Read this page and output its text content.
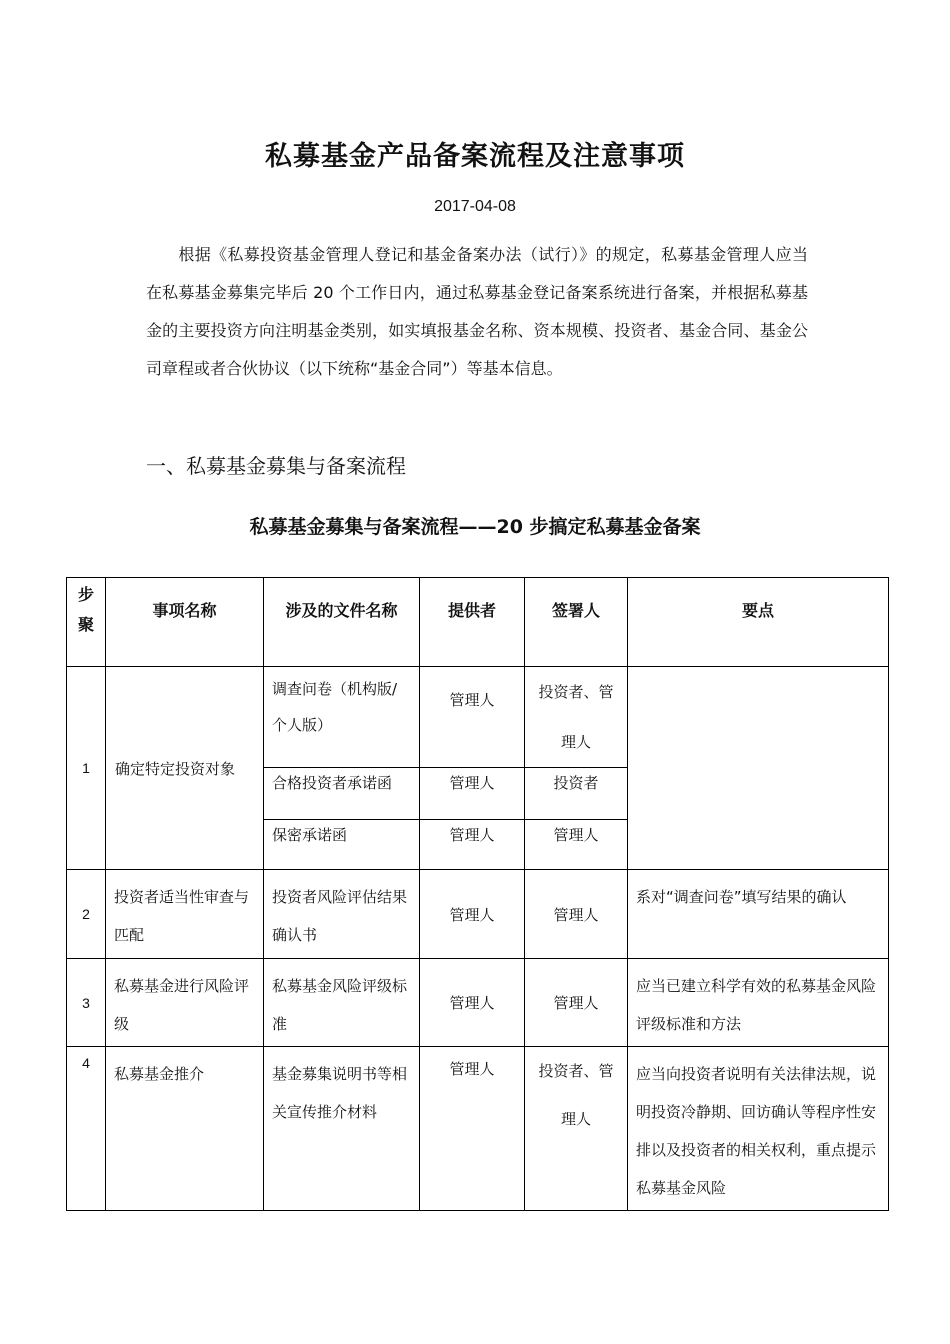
私募基金产品备案流程及注意事项
2017-04-08

根据《私募投资基金管理人登记和基金备案办法（试行）》的规定，私募基金管理人应当在私募基金募集完毕后 20 个工作日内，通过私募基金登记备案系统进行备案，并根据私募基金的主要投资方向注明基金类别，如实填报基金名称、资本规模、投资者、基金合同、基金公司章程或者合伙协议（以下统称“基金合同”）等基本信息。

一、私募基金募集与备案流程
私募基金募集与备案流程——20 步搞定私募基金备案
步聚	事项名称	涉及的文件名称	提供者	签署人	要点
1	确定特定投资对象	调查问卷（机构版/个人版）	管理人	投资者、管理人	
		合格投资者承诺函	管理人	投资者	
		保密承诺函	管理人	管理人	
2	投资者适当性审查与匹配	投资者风险评估结果确认书	管理人	管理人	系对“调查问卷”填写结果的确认
3	私募基金进行风险评级	私募基金风险评级标准	管理人	管理人	应当已建立科学有效的私募基金风险评级标准和方法
4	私募基金推介	基金募集说明书等相关宣传推介材料	管理人	投资者、管理人	应当向投资者说明有关法律法规，说明投资冷静期、回访确认等程序性安排以及投资者的相关权利，重点提示私募基金风险
